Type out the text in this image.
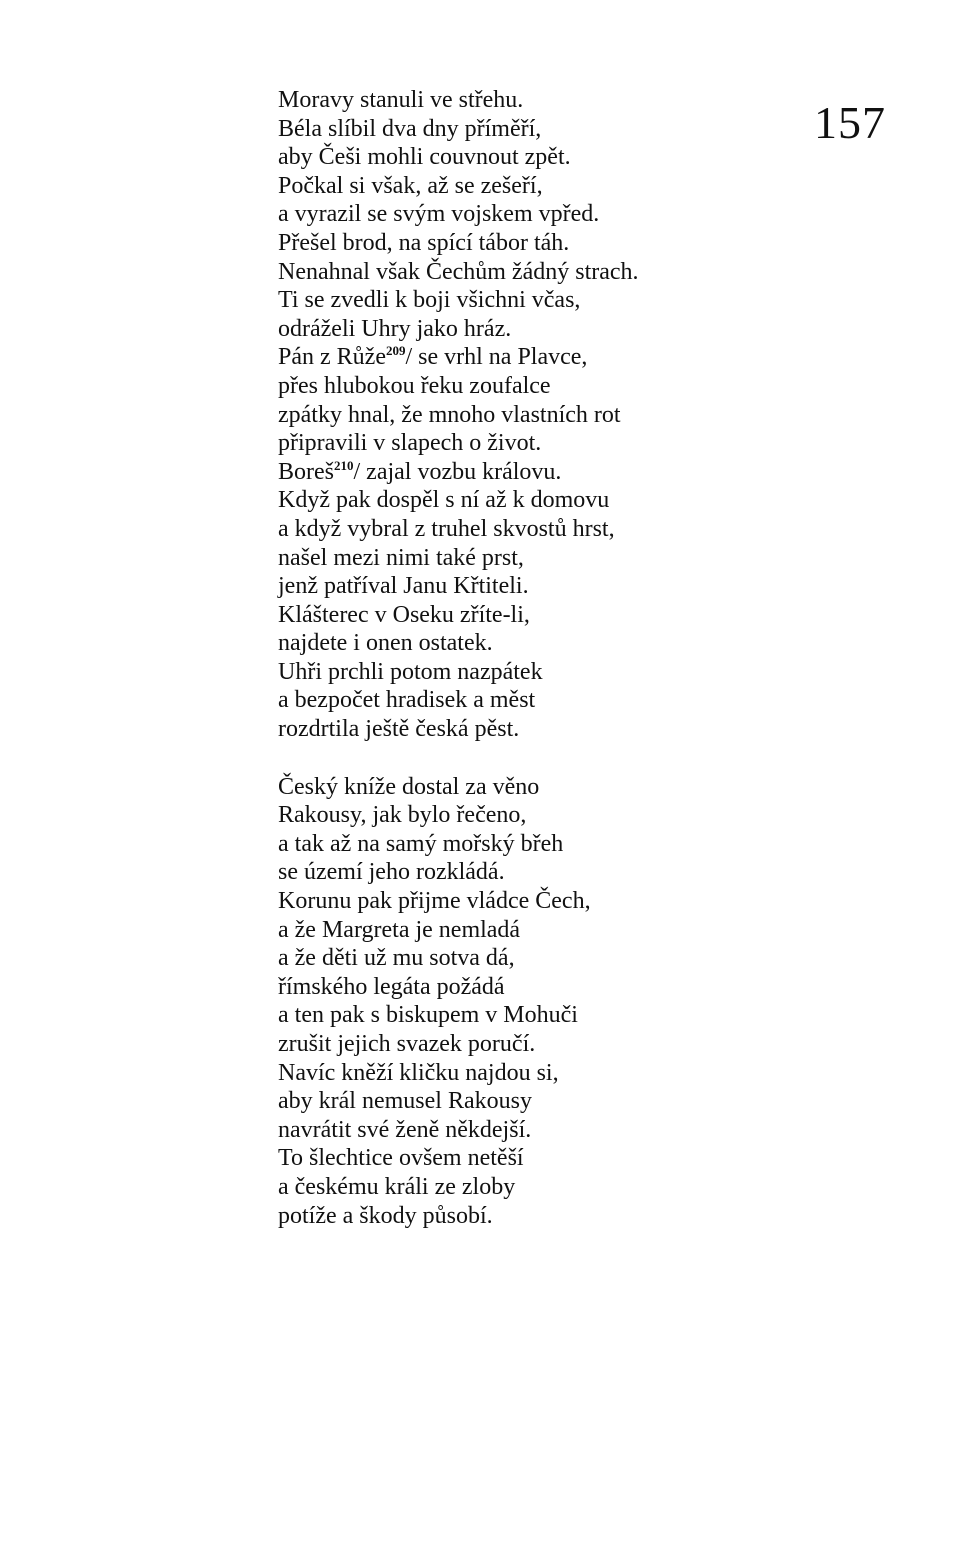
157

Moravy stanuli ve střehu.
Béla slíbil dva dny příměří,
aby Češi mohli couvnout zpět.
Počkal si však, až se zešeří,
a vyrazil se svým vojskem vpřed.
Přešel brod, na spící tábor táh.
Nenahnal však Čechům žádný strach.
Ti se zvedli k boji všichni včas,
odráželi Uhry jako hráz.
Pán z Růže$^{209}$/ se vrhl na Plavce,
přes hlubokou řeku zoufalce
zpátky hnal, že mnoho vlastních rot
připravili v slapech o život.
Boreš$^{210}$/ zajal vozbu královu.
Když pak dospěl s ní až k domovu
a když vybral z truhel skvostů hrst,
našel mezi nimi také prst,
jenž patříval Janu Křtiteli.
Klášterec v Oseku zříte-li,
najdete i onen ostatek.
Uhři prchli potom nazpátek
a bezpočet hradisek a měst
rozdrtila ještě česká pěst.

Český kníže dostal za věno
Rakousy, jak bylo řečeno,
a tak až na samý mořský břeh
se území jeho rozkládá.
Korunu pak přijme vládce Čech,
a že Margreta je nemladá
a že děti už mu sotva dá,
římského legáta požádá
a ten pak s biskupem v Mohuči
zrušit jejich svazek poručí.
Navíc kněží kličku najdou si,
aby král nemusel Rakousy
navrátit své ženě někdejší.
To šlechtice ovšem netěší
a českému králi ze zloby
potíže a škody působí.
